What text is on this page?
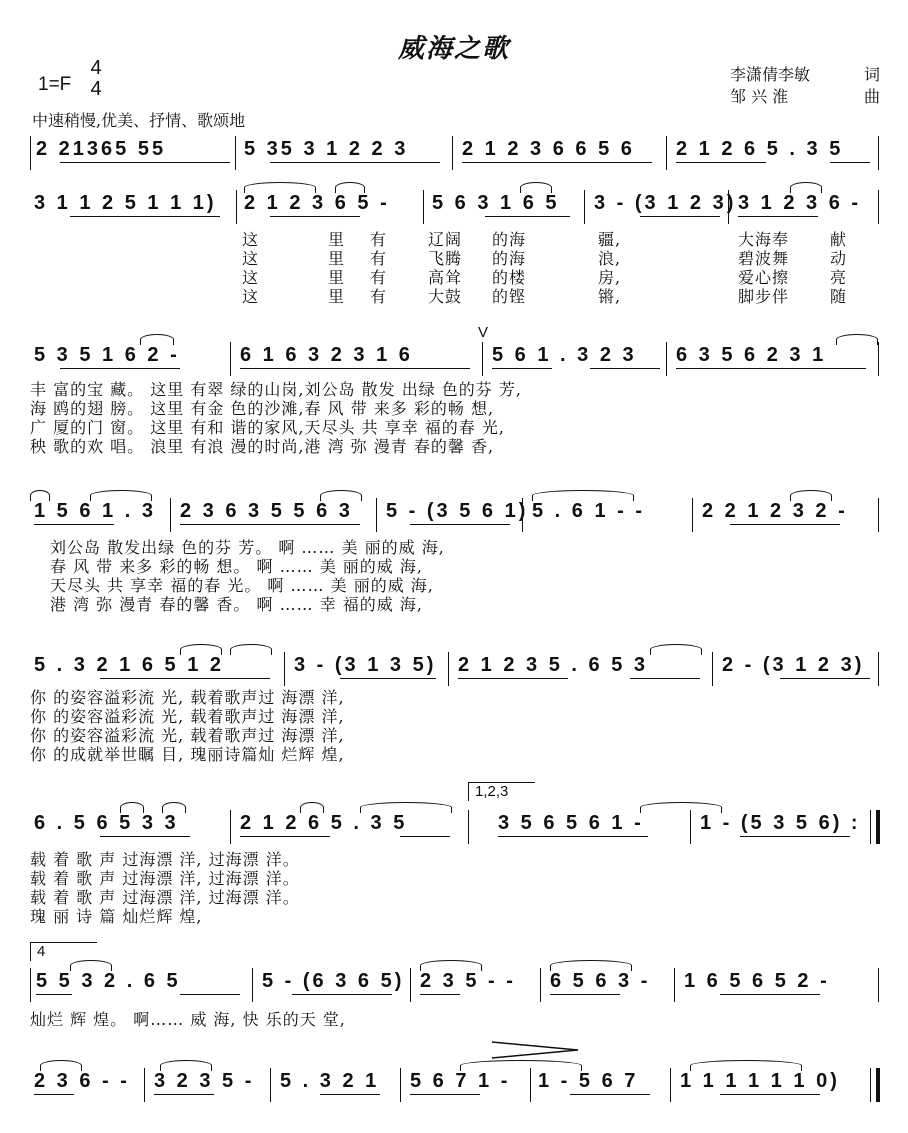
威海之歌
1=F
4
4
李潇倩李敏	词
邹 兴 淮	曲
中速稍慢,优美、抒情、歌颂地
2 21365 55	5 35 3 1 2 2 3	2 1 2 3 6 6 5 6 2 1 2 6 5 . 3 5
3 1 1 2 5 1 1 1) 2 1 2 3 6 5 - 5 6 3 1 6 5 3 - (3 1 2 3) 3 1 2 3 6 -
这	里 有	辽阔 的海	疆,	大海奉	献
这	里 有	飞腾 的海	浪,	碧波舞	动
这	里 有	高耸 的楼	房,	爱心擦	亮
这	里 有	大鼓 的铿	锵,	脚步伴	随
V
5 3 5 1 6 2 -	6 1 6 3 2 3 1 6	5 6 1 . 3 2 3 6 3 5 6 2 3 1
丰 富的宝 藏。 这里 有翠 绿的山岗,刘公岛 散发 出绿 色的芬 芳,
海 鸥的翅 膀。 这里 有金 色的沙滩,春 风 带 来多 彩的畅 想,
广 厦的门 窗。 这里 有和 谐的家风,天尽头 共 享幸 福的春 光,
秧 歌的欢 唱。 浪里 有浪 漫的时尚,港 湾 弥 漫青 春的馨 香,
1 5 6 1 . 3 2 3 6 3 5 5 6 3 5 - (3 5 6 1) 5 . 6 1 - -	2 2 1 2 3 2 -
刘公岛 散发出绿 色的芬 芳。 啊 …… 美 丽的威 海,
春 风 带 来多 彩的畅 想。 啊 …… 美 丽的威 海,
天尽头 共 享幸 福的春 光。 啊 …… 美 丽的威 海,
港 湾 弥 漫青 春的馨 香。 啊 …… 幸 福的威 海,
5 . 3 2 1 6 5 1 2	3 - (3 1 3 5) 2 1 2 3 5 . 6 5 3	2 - (3 1 2 3)
你 的姿容溢彩流 光, 载着歌声过 海漂 洋,
你 的姿容溢彩流 光, 载着歌声过 海漂 洋,
你 的姿容溢彩流 光, 载着歌声过 海漂 洋,
你 的成就举世瞩 目, 瑰丽诗篇灿 烂辉 煌,
1,2,3
6 . 5 6 5 3 3	2 1 2 6 5 . 3 5	3 5 6 5 6 1 -	1 - (5 3 5 6) :
载 着 歌 声 过海漂 洋, 过海漂 洋。
载 着 歌 声 过海漂 洋, 过海漂 洋。
载 着 歌 声 过海漂 洋, 过海漂 洋。
瑰 丽 诗 篇 灿烂辉 煌,
4
5 5 3 2 . 6 5	5 - (6 3 6 5) 2 3 5 - - 6 5 6 3 - 1 6 5 6 5 2 -
灿烂 辉 煌。 啊…… 威 海, 快 乐的天 堂,
2 3 6 - - 3 2 3 5 - 5 . 3 2 1 5 6 7 1 - 1 - 5 6 7 1 1 1 1 1 1 0)
